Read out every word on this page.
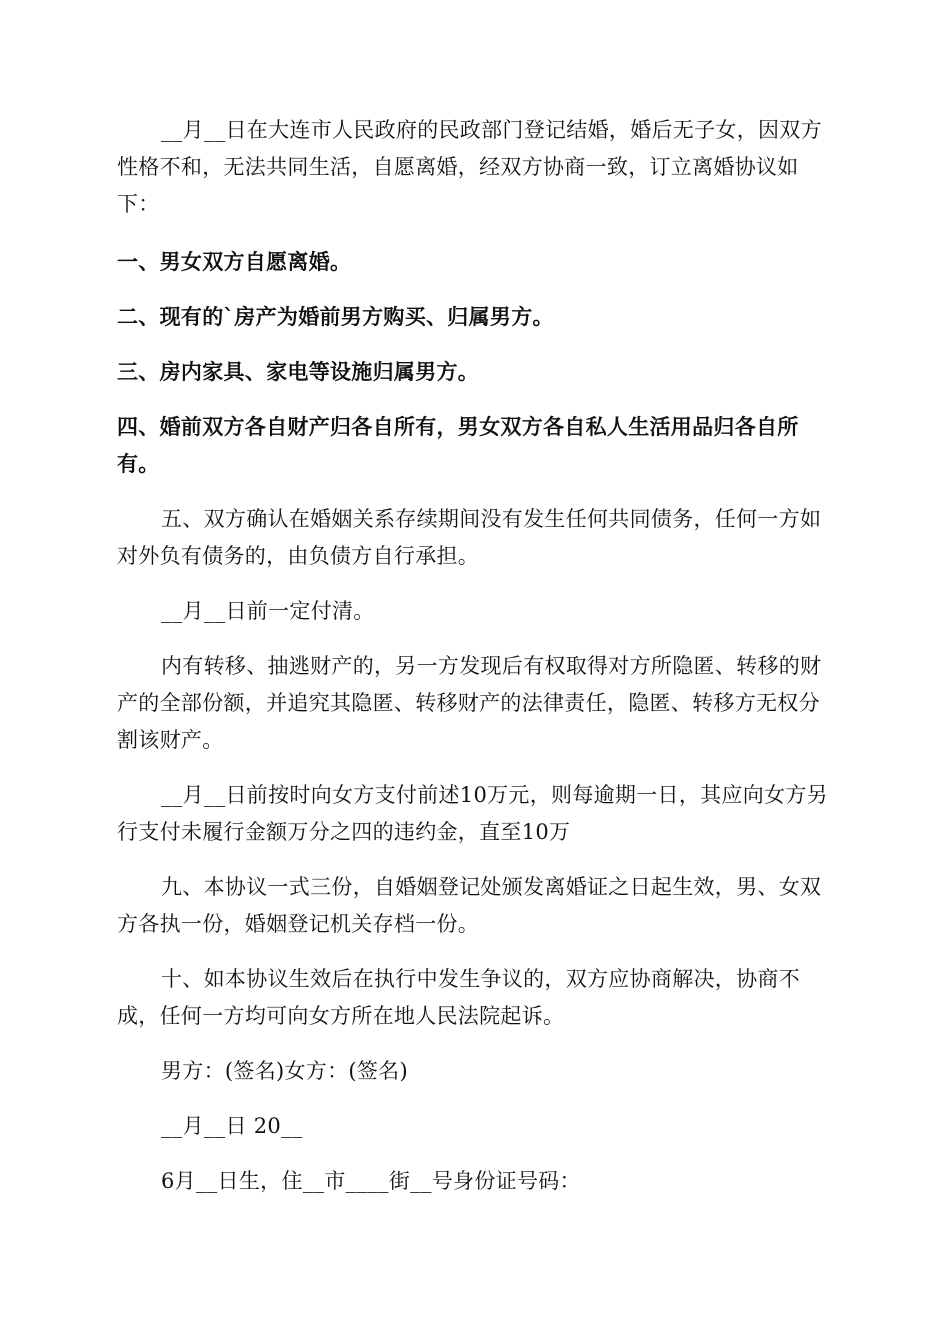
__月__日在大连市人民政府的民政部门登记结婚，婚后无子女，因双方性格不和，无法共同生活，自愿离婚，经双方协商一致，订立离婚协议如下：

一、男女双方自愿离婚。

二、现有的`房产为婚前男方购买、归属男方。

三、房内家具、家电等设施归属男方。

四、婚前双方各自财产归各自所有，男女双方各自私人生活用品归各自所有。

五、双方确认在婚姻关系存续期间没有发生任何共同债务，任何一方如对外负有债务的，由负债方自行承担。

__月__日前一定付清。

内有转移、抽逃财产的，另一方发现后有权取得对方所隐匿、转移的财产的全部份额，并追究其隐匿、转移财产的法律责任，隐匿、转移方无权分割该财产。

__月__日前按时向女方支付前述10万元，则每逾期一日，其应向女方另行支付未履行金额万分之四的违约金，直至10万

九、本协议一式三份，自婚姻登记处颁发离婚证之日起生效，男、女双方各执一份，婚姻登记机关存档一份。

十、如本协议生效后在执行中发生争议的，双方应协商解决，协商不成，任何一方均可向女方所在地人民法院起诉。

男方：(签名)女方：(签名)

__月__日 20__

6月__日生，住__市____街__号身份证号码：
